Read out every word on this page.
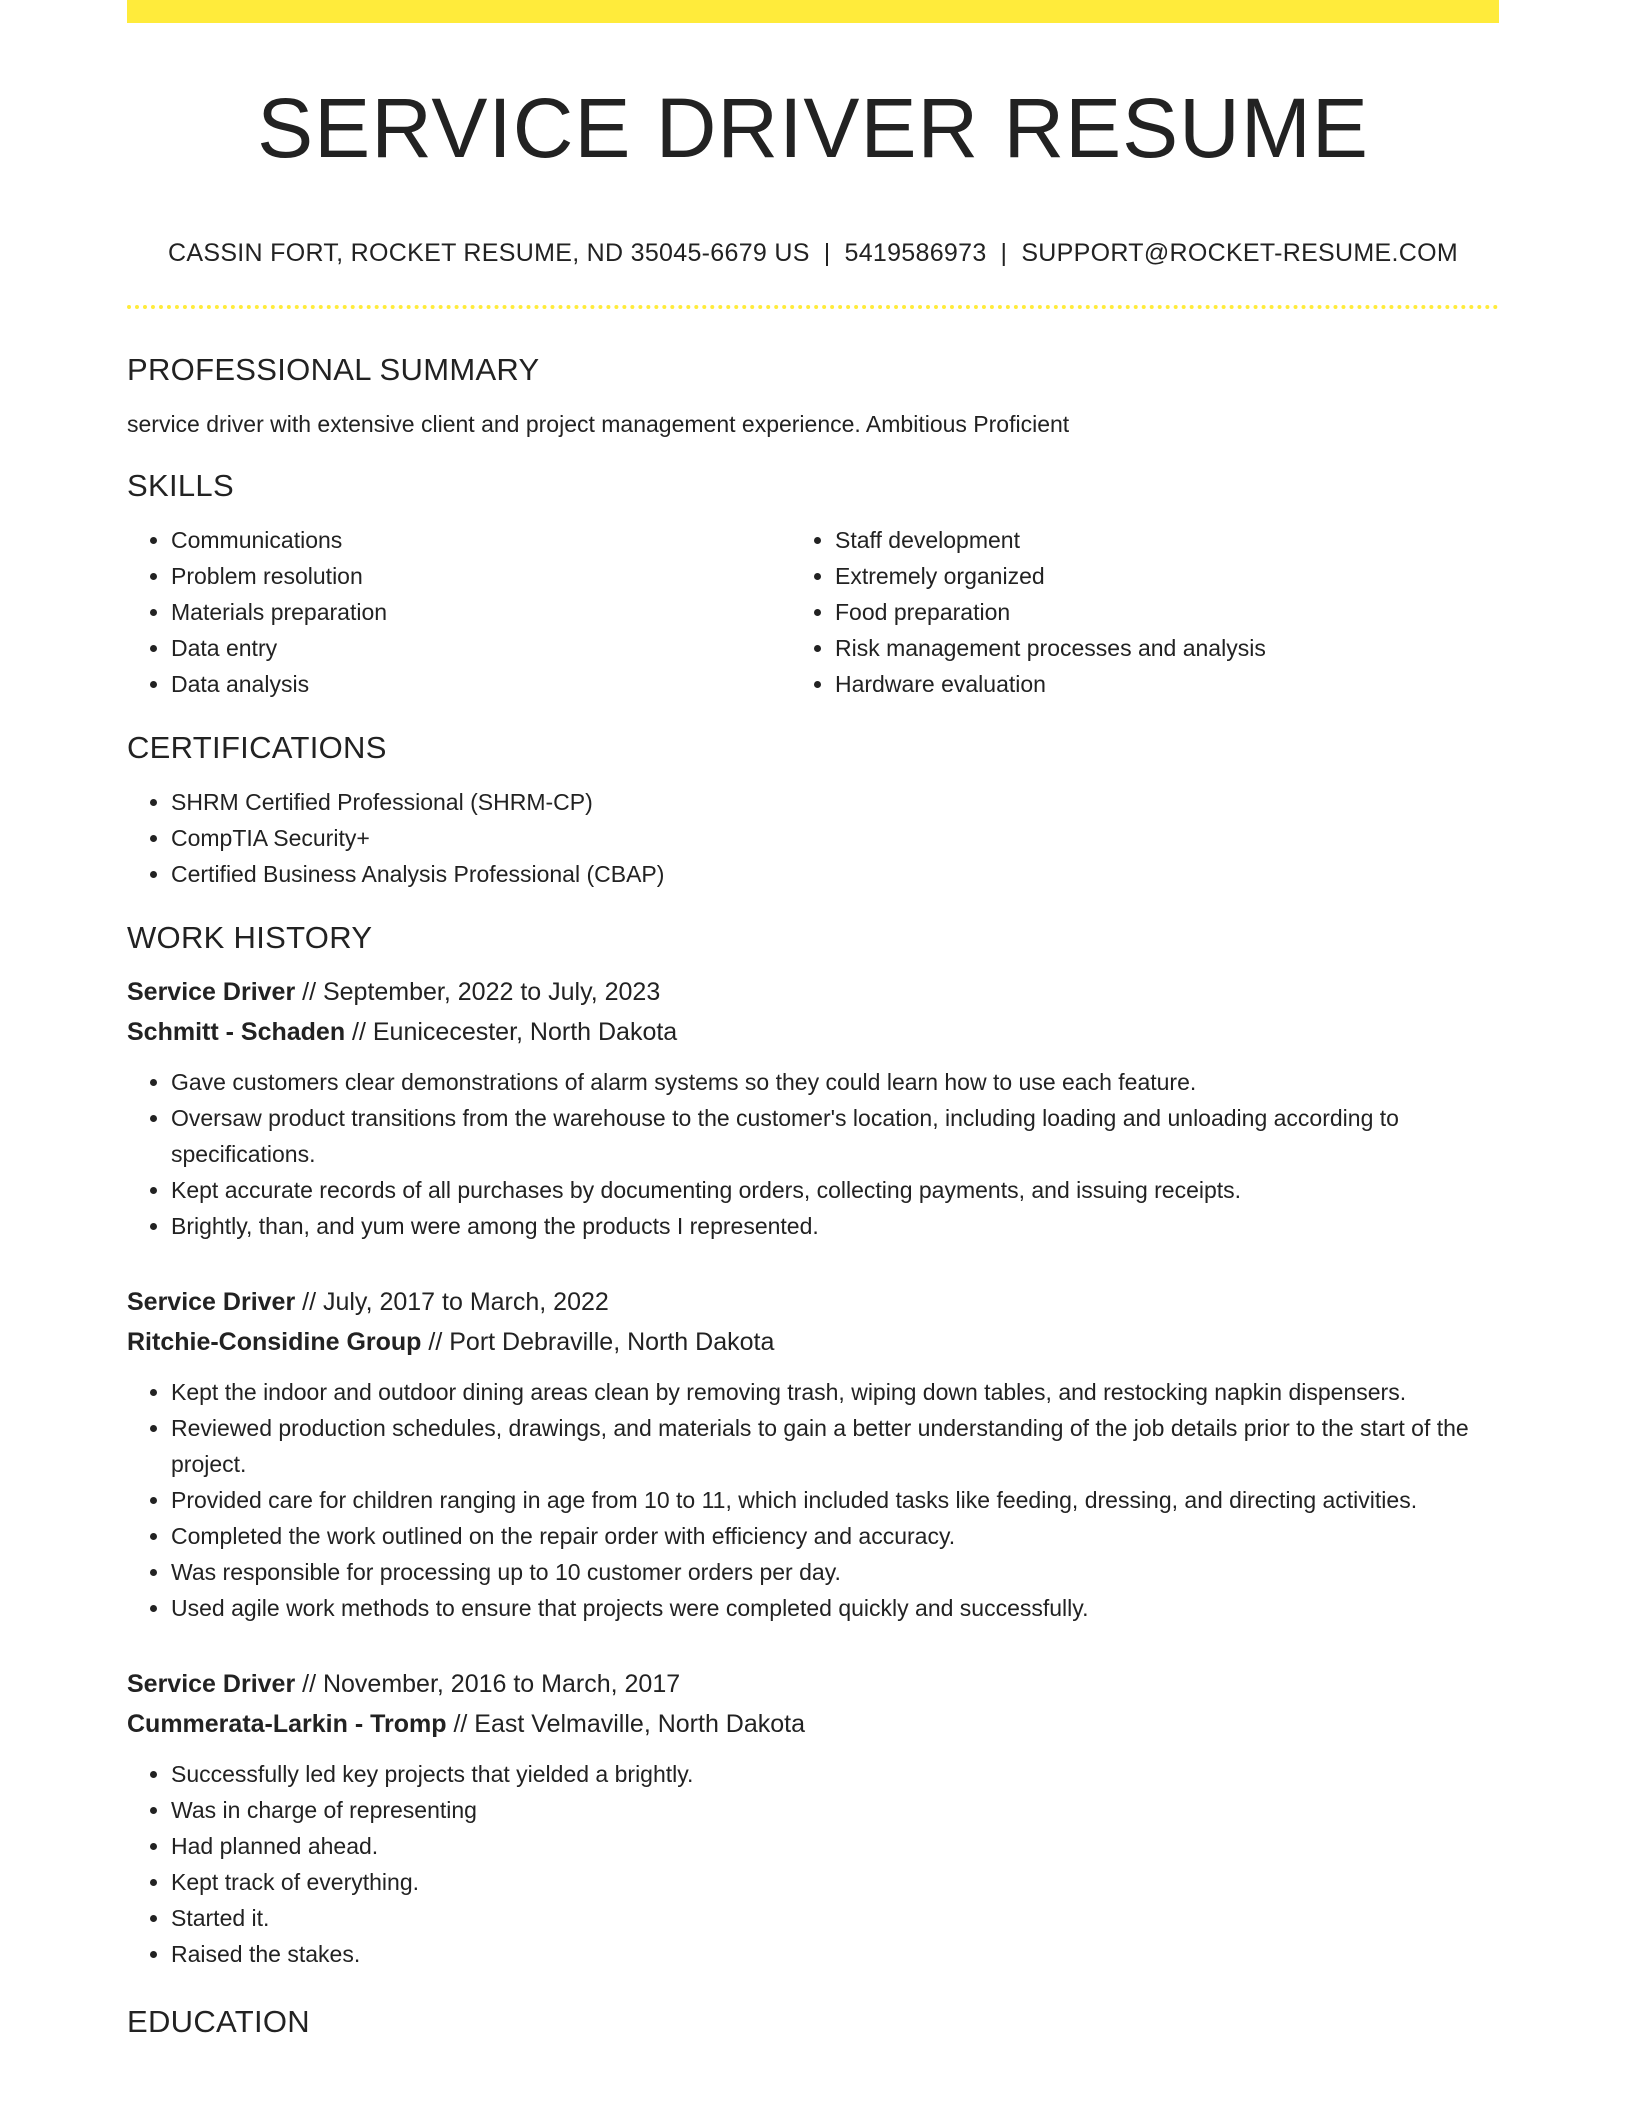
SERVICE DRIVER RESUME
CASSIN FORT, ROCKET RESUME, ND 35045-6679 US | 5419586973 | SUPPORT@ROCKET-RESUME.COM
PROFESSIONAL SUMMARY

service driver with extensive client and project management experience. Ambitious Proficient

SKILLS
• Communications
• Problem resolution
• Materials preparation
• Data entry
• Data analysis
• Staff development
• Extremely organized
• Food preparation
• Risk management processes and analysis
• Hardware evaluation
CERTIFICATIONS
• SHRM Certified Professional (SHRM-CP)
• CompTIA Security+
• Certified Business Analysis Professional (CBAP)
WORK HISTORY
Service Driver // September, 2022 to July, 2023
Schmitt - Schaden // Eunicecester, North Dakota
• Gave customers clear demonstrations of alarm systems so they could learn how to use each feature.
• Oversaw product transitions from the warehouse to the customer's location, including loading and unloading according to specifications.
• Kept accurate records of all purchases by documenting orders, collecting payments, and issuing receipts.
• Brightly, than, and yum were among the products I represented.
Service Driver // July, 2017 to March, 2022
Ritchie-Considine Group // Port Debraville, North Dakota
• Kept the indoor and outdoor dining areas clean by removing trash, wiping down tables, and restocking napkin dispensers.
• Reviewed production schedules, drawings, and materials to gain a better understanding of the job details prior to the start of the project.
• Provided care for children ranging in age from 10 to 11, which included tasks like feeding, dressing, and directing activities.
• Completed the work outlined on the repair order with efficiency and accuracy.
• Was responsible for processing up to 10 customer orders per day.
• Used agile work methods to ensure that projects were completed quickly and successfully.
Service Driver // November, 2016 to March, 2017
Cummerata-Larkin - Tromp // East Velmaville, North Dakota
• Successfully led key projects that yielded a brightly.
• Was in charge of representing
• Had planned ahead.
• Kept track of everything.
• Started it.
• Raised the stakes.
EDUCATION
